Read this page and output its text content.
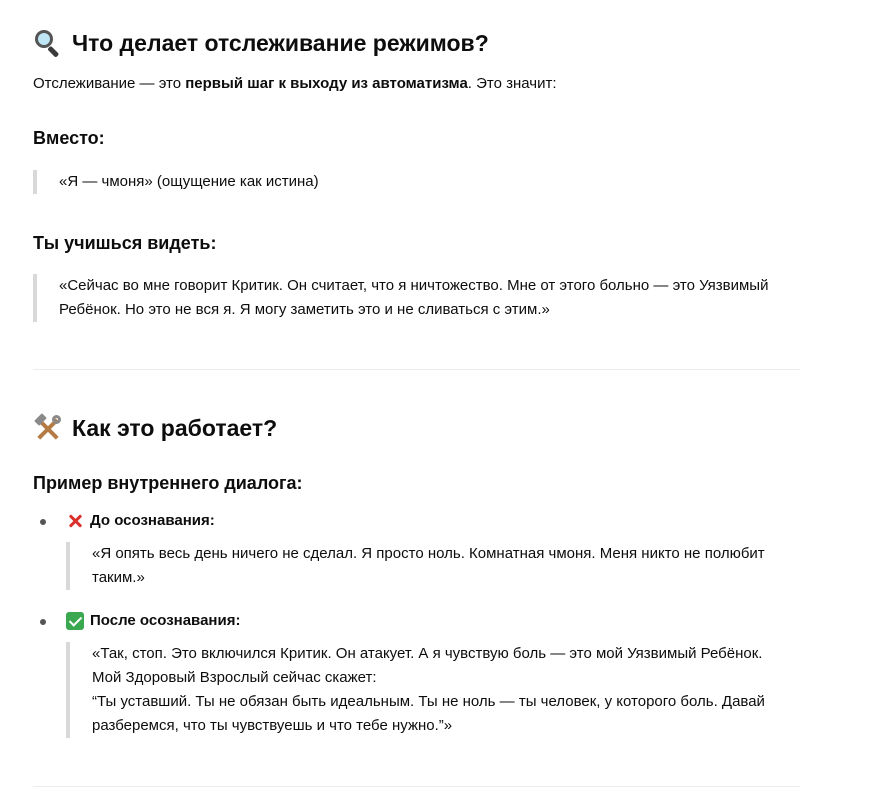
Что делает отслеживание режимов?

Отслеживание — это первый шаг к выходу из автоматизма. Это значит:

Вместо:
«Я — чмоня» (ощущение как истина)
Ты учишься видеть:
«Сейчас во мне говорит Критик. Он считает, что я ничтожество. Мне от этого больно — это Уязвимый Ребёнок. Но это не вся я. Я могу заметить это и не сливаться с этим.»
Как это работает?
Пример внутреннего диалога:
До осознавания:
«Я опять весь день ничего не сделал. Я просто ноль. Комнатная чмоня. Меня никто не полюбит таким.»
После осознавания:
«Так, стоп. Это включился Критик. Он атакует. А я чувствую боль — это мой Уязвимый Ребёнок.
Мой Здоровый Взрослый сейчас скажет:
“Ты уставший. Ты не обязан быть идеальным. Ты не ноль — ты человек, у которого боль. Давай разберемся, что ты чувствуешь и что тебе нужно.”»
